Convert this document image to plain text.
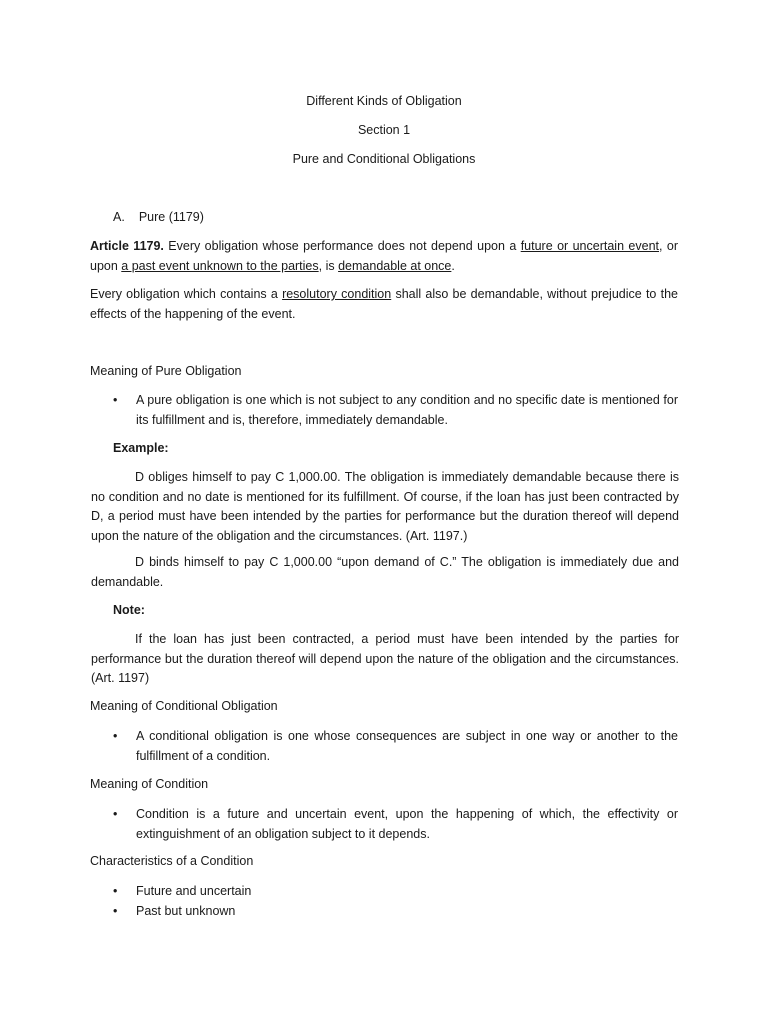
Different Kinds of Obligation
Section 1
Pure and Conditional Obligations
A. Pure (1179)

Article 1179. Every obligation whose performance does not depend upon a future or uncertain event, or upon a past event unknown to the parties, is demandable at once.

Every obligation which contains a resolutory condition shall also be demandable, without prejudice to the effects of the happening of the event.

Meaning of Pure Obligation
•	A pure obligation is one which is not subject to any condition and no specific date is mentioned for its fulfillment and is, therefore, immediately demandable.

Example:

D obliges himself to pay C 1,000.00. The obligation is immediately demandable because there is no condition and no date is mentioned for its fulfillment. Of course, if the loan has just been contracted by D, a period must have been intended by the parties for performance but the duration thereof will depend upon the nature of the obligation and the circumstances. (Art. 1197.)

D binds himself to pay C 1,000.00 “upon demand of C.” The obligation is immediately due and demandable.

Note:

If the loan has just been contracted, a period must have been intended by the parties for performance but the duration thereof will depend upon the nature of the obligation and the circumstances. (Art. 1197)

Meaning of Conditional Obligation
•	A conditional obligation is one whose consequences are subject in one way or another to the fulfillment of a condition.

Meaning of Condition
•	Condition is a future and uncertain event, upon the happening of which, the effectivity or extinguishment of an obligation subject to it depends.

Characteristics of a Condition
•	Future and uncertain

•	Past but unknown
